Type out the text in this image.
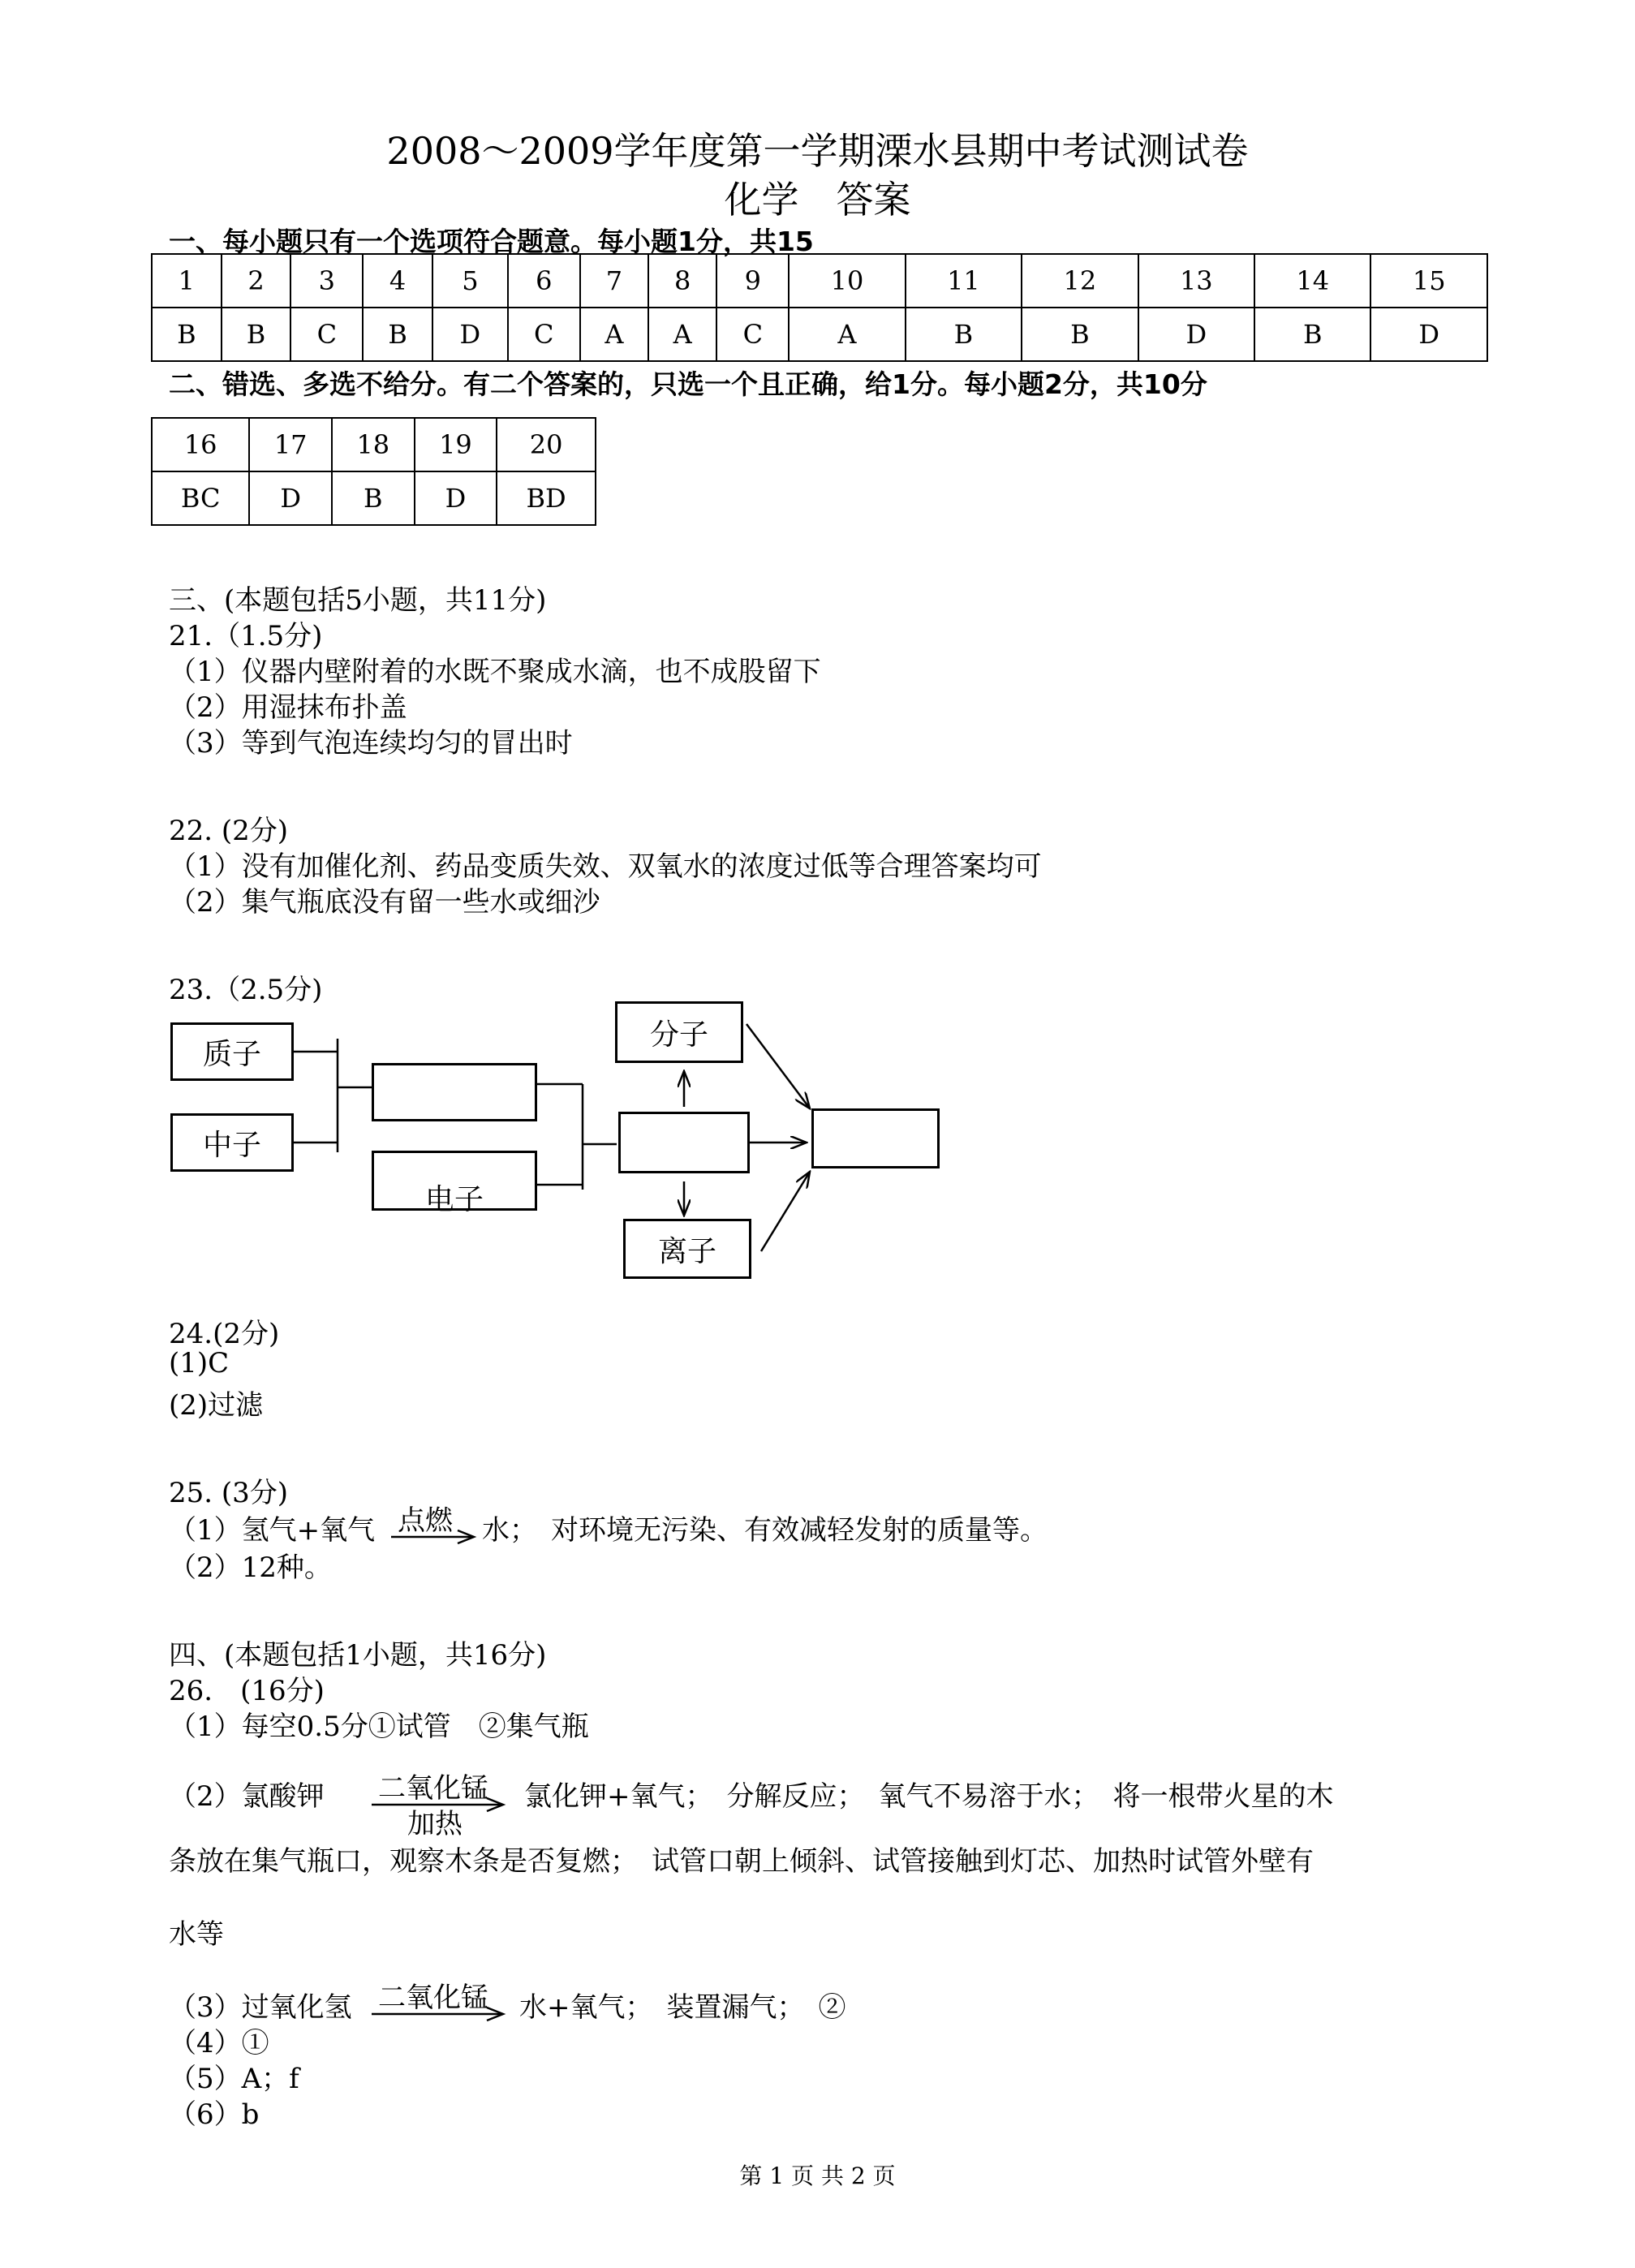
2008～2009学年度第一学期溧水县期中考试测试卷
化学　答案
一、每小题只有一个选项符合题意。每小题1分，共15
1	2	3	4	5	6	7	8	9	10	11	12	13	14	15
B	B	C	B	D	C	A	A	C	A	B	B	D	B	D
二、错选、多选不给分。有二个答案的，只选一个且正确，给1分。每小题2分，共10分
16	17	18	19	20
BC	D	B	D	BD
三、(本题包括5小题，共11分)
21.（1.5分)
（1）仪器内壁附着的水既不聚成水滴，也不成股留下
（2）用湿抹布扑盖
（3）等到气泡连续均匀的冒出时
22. (2分)
（1）没有加催化剂、药品变质失效、双氧水的浓度过低等合理答案均可
（2）集气瓶底没有留一些水或细沙
23.（2.5分)
质子
中子
电子
分子
离子
24.(2分)
(1)C
(2)过滤
25. (3分)
（1）氢气+氧气 点燃 水；　对环境无污染、有效减轻发射的质量等。
（2）12种。
四、(本题包括1小题，共16分)
26.　(16分)
（1）每空0.5分①试管　②集气瓶
（2）氯酸钾 二氧化锰
加热
氯化钾+氧气；　分解反应；　氧气不易溶于水；　将一根带火星的木
条放在集气瓶口，观察木条是否复燃；　试管口朝上倾斜、试管接触到灯芯、加热时试管外壁有
水等
（3）过氧化氢 二氧化锰 水+氧气；　装置漏气；　②
（4）①
（5）A；f
（6）b
第 1 页 共 2 页
